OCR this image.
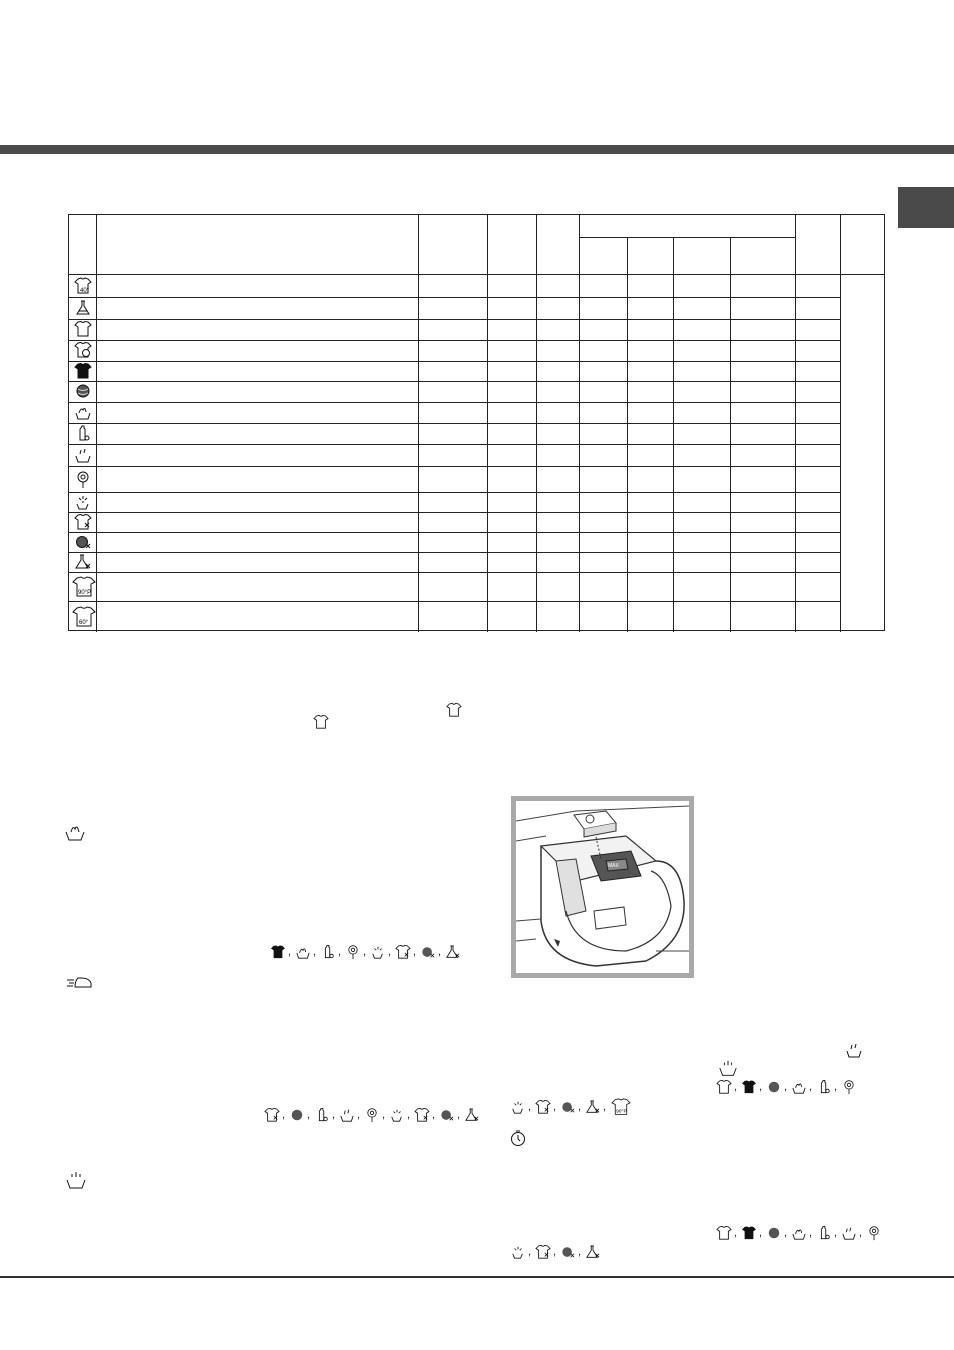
40°
90°P
60°
, , , , , , ,
, , , , , , , ,
MAX
, , , , ,
, , , ,	90°P
, , , , , ,
, , ,
